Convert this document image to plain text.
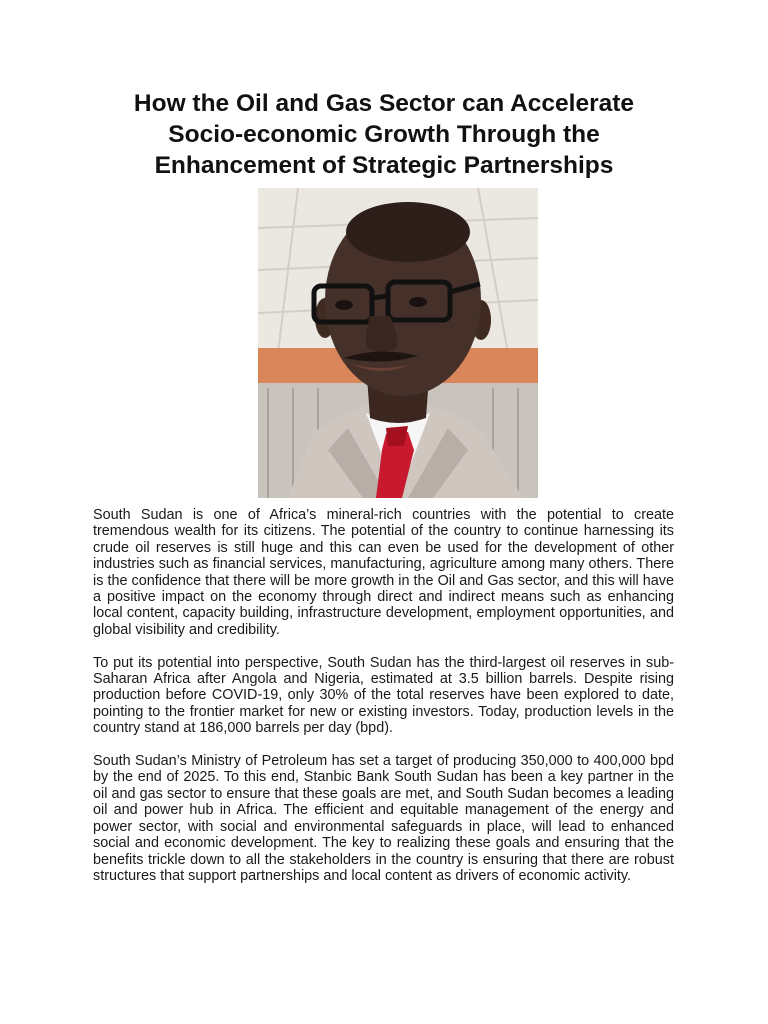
How the Oil and Gas Sector can Accelerate
Socio-economic Growth Through the
Enhancement of Strategic Partnerships

South Sudan is one of Africa’s mineral-rich countries with the potential to create tremendous wealth for its citizens. The potential of the country to continue harnessing its crude oil reserves is still huge and this can even be used for the development of other industries such as financial services, manufacturing, agriculture among many others. There is the confidence that there will be more growth in the Oil and Gas sector, and this will have a positive impact on the economy through direct and indirect means such as enhancing local content, capacity building, infrastructure development, employment opportunities, and global visibility and credibility.

To put its potential into perspective, South Sudan has the third-largest oil reserves in sub-Saharan Africa after Angola and Nigeria, estimated at 3.5 billion barrels. Despite rising production before COVID-19, only 30% of the total reserves have been explored to date, pointing to the frontier market for new or existing investors. Today, production levels in the country stand at 186,000 barrels per day (bpd).

South Sudan’s Ministry of Petroleum has set a target of producing 350,000 to 400,000 bpd by the end of 2025. To this end, Stanbic Bank South Sudan has been a key partner in the oil and gas sector to ensure that these goals are met, and South Sudan becomes a leading oil and power hub in Africa. The efficient and equitable management of the energy and power sector, with social and environmental safeguards in place, will lead to enhanced social and economic development. The key to realizing these goals and ensuring that the benefits trickle down to all the stakeholders in the country is ensuring that there are robust structures that support partnerships and local content as drivers of economic activity.
